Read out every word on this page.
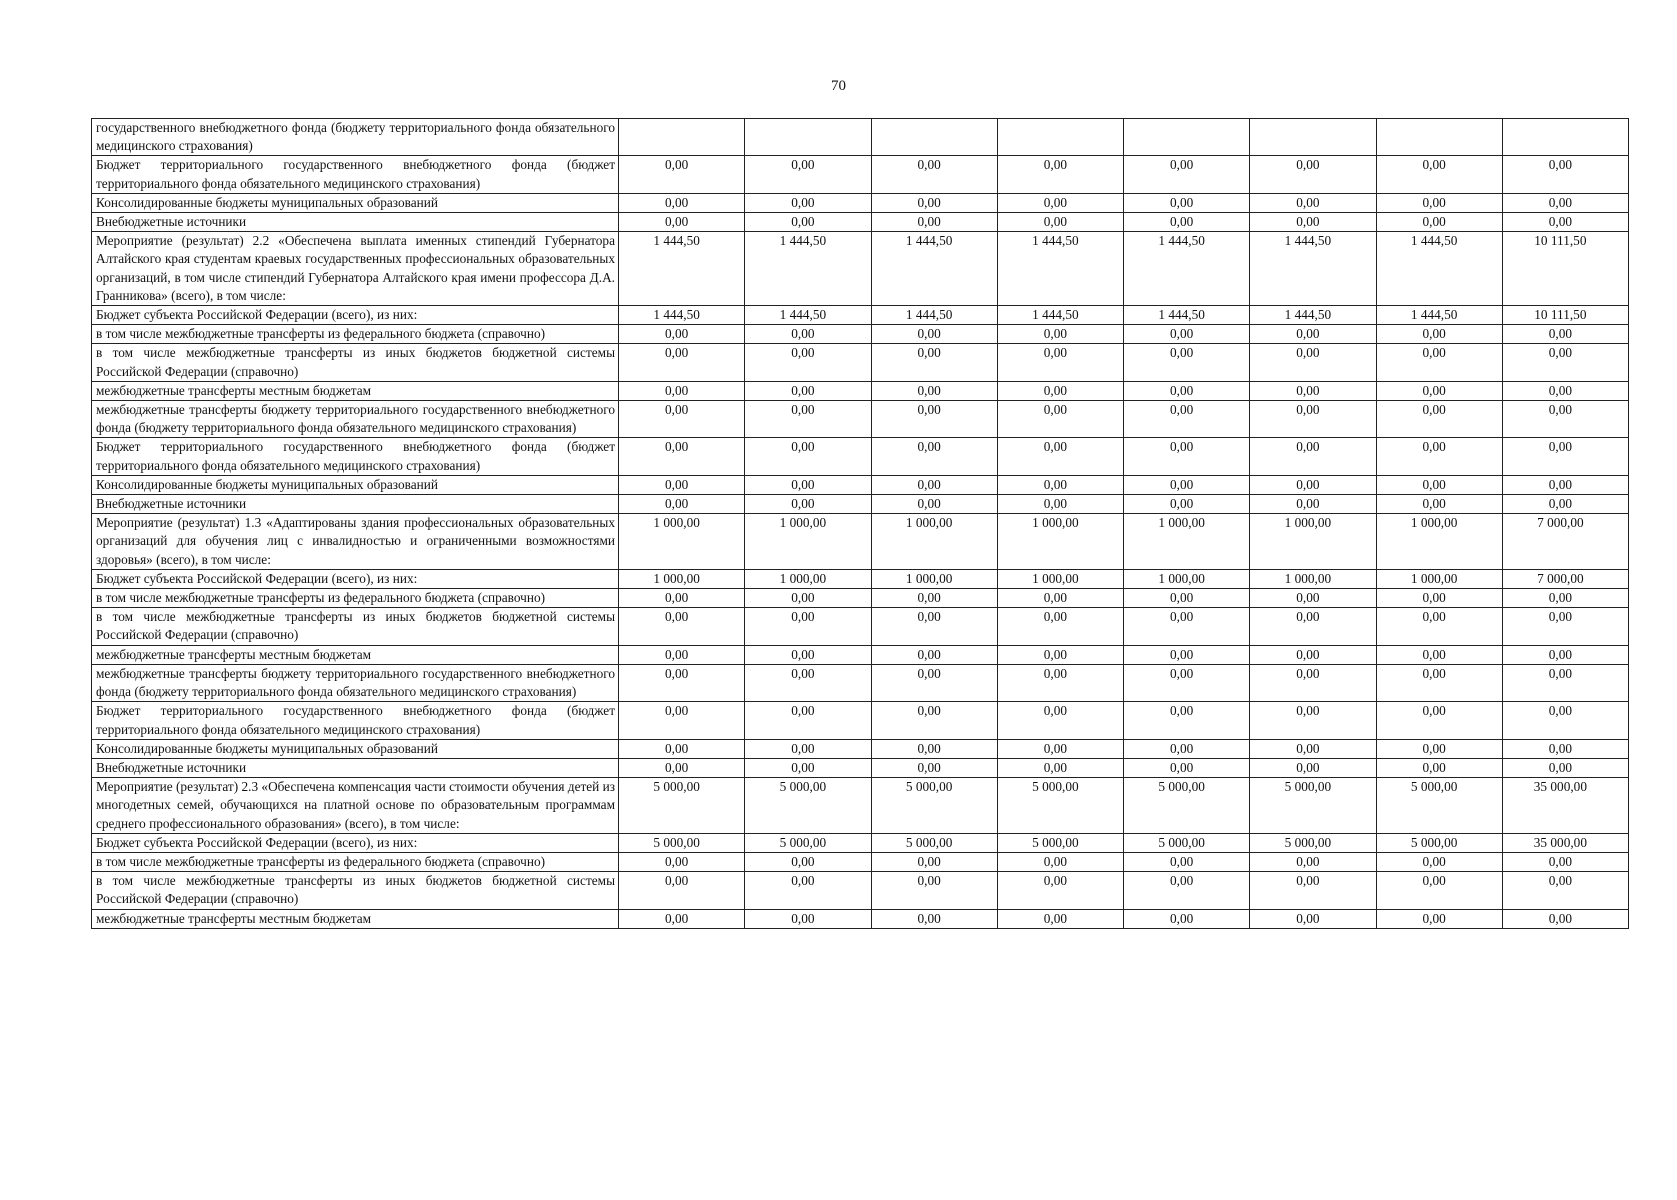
70
государственного внебюджетного фонда (бюджету территориального фонда обязательного медицинского страхования)								
Бюджет территориального государственного внебюджетного фонда (бюджет территориального фонда обязательного медицинского страхования)	0,00	0,00	0,00	0,00	0,00	0,00	0,00	0,00
Консолидированные бюджеты муниципальных образований	0,00	0,00	0,00	0,00	0,00	0,00	0,00	0,00
Внебюджетные источники	0,00	0,00	0,00	0,00	0,00	0,00	0,00	0,00
Мероприятие (результат) 2.2 «Обеспечена выплата именных стипендий Губернатора Алтайского края студентам краевых государственных профессиональных образовательных организаций, в том числе стипендий Губернатора Алтайского края имени профессора Д.А. Гранникова» (всего), в том числе:	1 444,50	1 444,50	1 444,50	1 444,50	1 444,50	1 444,50	1 444,50	10 111,50
Бюджет субъекта Российской Федерации (всего), из них:	1 444,50	1 444,50	1 444,50	1 444,50	1 444,50	1 444,50	1 444,50	10 111,50
в том числе межбюджетные трансферты из федерального бюджета (справочно)	0,00	0,00	0,00	0,00	0,00	0,00	0,00	0,00
в том числе межбюджетные трансферты из иных бюджетов бюджетной системы Российской Федерации (справочно)	0,00	0,00	0,00	0,00	0,00	0,00	0,00	0,00
межбюджетные трансферты местным бюджетам	0,00	0,00	0,00	0,00	0,00	0,00	0,00	0,00
межбюджетные трансферты бюджету территориального государственного внебюджетного фонда (бюджету территориального фонда обязательного медицинского страхования)	0,00	0,00	0,00	0,00	0,00	0,00	0,00	0,00
Бюджет территориального государственного внебюджетного фонда (бюджет территориального фонда обязательного медицинского страхования)	0,00	0,00	0,00	0,00	0,00	0,00	0,00	0,00
Консолидированные бюджеты муниципальных образований	0,00	0,00	0,00	0,00	0,00	0,00	0,00	0,00
Внебюджетные источники	0,00	0,00	0,00	0,00	0,00	0,00	0,00	0,00
Мероприятие (результат) 1.3 «Адаптированы здания профессиональных образовательных организаций для обучения лиц с инвалидностью и ограниченными возможностями здоровья» (всего), в том числе:	1 000,00	1 000,00	1 000,00	1 000,00	1 000,00	1 000,00	1 000,00	7 000,00
Бюджет субъекта Российской Федерации (всего), из них:	1 000,00	1 000,00	1 000,00	1 000,00	1 000,00	1 000,00	1 000,00	7 000,00
в том числе межбюджетные трансферты из федерального бюджета (справочно)	0,00	0,00	0,00	0,00	0,00	0,00	0,00	0,00
в том числе межбюджетные трансферты из иных бюджетов бюджетной системы Российской Федерации (справочно)	0,00	0,00	0,00	0,00	0,00	0,00	0,00	0,00
межбюджетные трансферты местным бюджетам	0,00	0,00	0,00	0,00	0,00	0,00	0,00	0,00
межбюджетные трансферты бюджету территориального государственного внебюджетного фонда (бюджету территориального фонда обязательного медицинского страхования)	0,00	0,00	0,00	0,00	0,00	0,00	0,00	0,00
Бюджет территориального государственного внебюджетного фонда (бюджет территориального фонда обязательного медицинского страхования)	0,00	0,00	0,00	0,00	0,00	0,00	0,00	0,00
Консолидированные бюджеты муниципальных образований	0,00	0,00	0,00	0,00	0,00	0,00	0,00	0,00
Внебюджетные источники	0,00	0,00	0,00	0,00	0,00	0,00	0,00	0,00
Мероприятие (результат) 2.3 «Обеспечена компенсация части стоимости обучения детей из многодетных семей, обучающихся на платной основе по образовательным программам среднего профессионального образования» (всего), в том числе:	5 000,00	5 000,00	5 000,00	5 000,00	5 000,00	5 000,00	5 000,00	35 000,00
Бюджет субъекта Российской Федерации (всего), из них:	5 000,00	5 000,00	5 000,00	5 000,00	5 000,00	5 000,00	5 000,00	35 000,00
в том числе межбюджетные трансферты из федерального бюджета (справочно)	0,00	0,00	0,00	0,00	0,00	0,00	0,00	0,00
в том числе межбюджетные трансферты из иных бюджетов бюджетной системы Российской Федерации (справочно)	0,00	0,00	0,00	0,00	0,00	0,00	0,00	0,00
межбюджетные трансферты местным бюджетам	0,00	0,00	0,00	0,00	0,00	0,00	0,00	0,00
